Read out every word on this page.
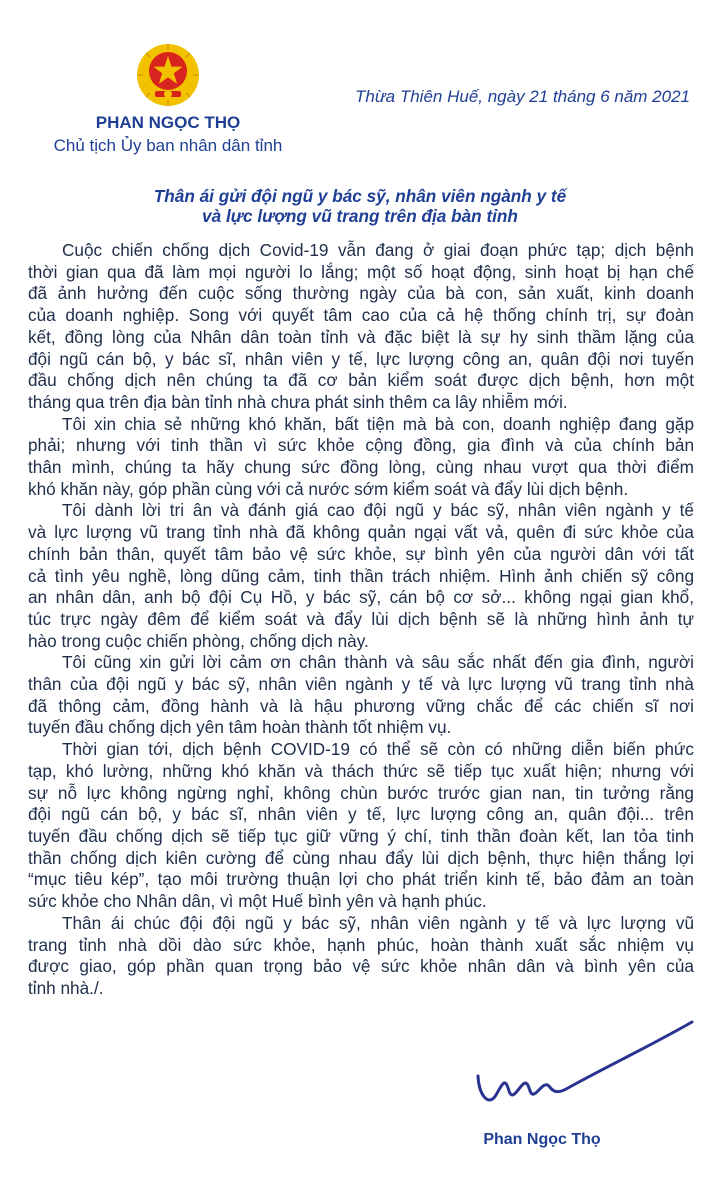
PHAN NGỌC THỌ
Chủ tịch Ủy ban nhân dân tỉnh
Thừa Thiên Huế, ngày 21 tháng 6 năm 2021
Thân ái gửi đội ngũ y bác sỹ, nhân viên ngành y tế
và lực lượng vũ trang trên địa bàn tỉnh
Cuộc chiến chống dịch Covid-19 vẫn đang ở giai đoạn phức tạp; dịch bệnh
thời gian qua đã làm mọi người lo lắng; một số hoạt động, sinh hoạt bị hạn chế
đã ảnh hưởng đến cuộc sống thường ngày của bà con, sản xuất, kinh doanh
của doanh nghiệp. Song với quyết tâm cao của cả hệ thống chính trị, sự đoàn
kết, đồng lòng của Nhân dân toàn tỉnh và đặc biệt là sự hy sinh thầm lặng của
đội ngũ cán bộ, y bác sĩ, nhân viên y tế, lực lượng công an, quân đội nơi tuyến
đầu chống dịch nên chúng ta đã cơ bản kiểm soát được dịch bệnh, hơn một
tháng qua trên địa bàn tỉnh nhà chưa phát sinh thêm ca lây nhiễm mới.
Tôi xin chia sẻ những khó khăn, bất tiện mà bà con, doanh nghiệp đang gặp
phải; nhưng với tinh thần vì sức khỏe cộng đồng, gia đình và của chính bản
thân mình, chúng ta hãy chung sức đồng lòng, cùng nhau vượt qua thời điểm
khó khăn này, góp phần cùng với cả nước sớm kiểm soát và đẩy lùi dịch bệnh.
Tôi dành lời tri ân và đánh giá cao đội ngũ y bác sỹ, nhân viên ngành y tế
và lực lượng vũ trang tỉnh nhà đã không quản ngại vất vả, quên đi sức khỏe của
chính bản thân, quyết tâm bảo vệ sức khỏe, sự bình yên của người dân với tất
cả tình yêu nghề, lòng dũng cảm, tinh thần trách nhiệm. Hình ảnh chiến sỹ công
an nhân dân, anh bộ đội Cụ Hồ, y bác sỹ, cán bộ cơ sở... không ngại gian khổ,
túc trực ngày đêm để kiểm soát và đẩy lùi dịch bệnh sẽ là những hình ảnh tự
hào trong cuộc chiến phòng, chống dịch này.
Tôi cũng xin gửi lời cảm ơn chân thành và sâu sắc nhất đến gia đình, người
thân của đội ngũ y bác sỹ, nhân viên ngành y tế và lực lượng vũ trang tỉnh nhà
đã thông cảm, đồng hành và là hậu phương vững chắc để các chiến sĩ nơi
tuyến đầu chống dịch yên tâm hoàn thành tốt nhiệm vụ.
Thời gian tới, dịch bệnh COVID-19 có thể sẽ còn có những diễn biến phức
tạp, khó lường, những khó khăn và thách thức sẽ tiếp tục xuất hiện; nhưng với
sự nỗ lực không ngừng nghỉ, không chùn bước trước gian nan, tin tưởng rằng
đội ngũ cán bộ, y bác sĩ, nhân viên y tế, lực lượng công an, quân đội... trên
tuyến đầu chống dịch sẽ tiếp tục giữ vững ý chí, tinh thần đoàn kết, lan tỏa tinh
thần chống dịch kiên cường để cùng nhau đẩy lùi dịch bệnh, thực hiện thắng lợi
“mục tiêu kép”, tạo môi trường thuận lợi cho phát triển kinh tế, bảo đảm an toàn
sức khỏe cho Nhân dân, vì một Huế bình yên và hạnh phúc.
Thân ái chúc đội đội ngũ y bác sỹ, nhân viên ngành y tế và lực lượng vũ
trang tỉnh nhà dồi dào sức khỏe, hạnh phúc, hoàn thành xuất sắc nhiệm vụ
được giao, góp phần quan trọng bảo vệ sức khỏe nhân dân và bình yên của
tỉnh nhà./.
Phan Ngọc Thọ
